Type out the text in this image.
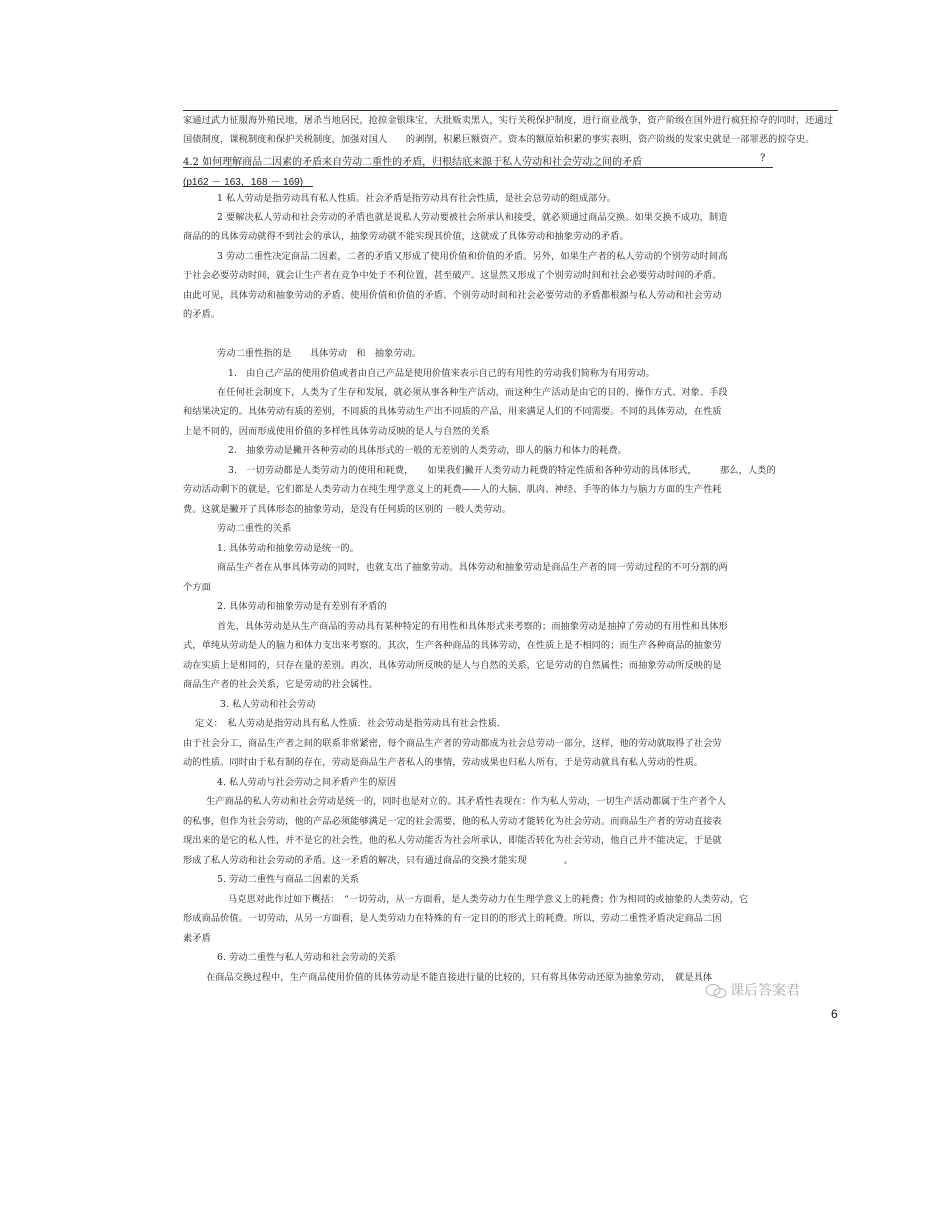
家通过武力征服海外殖民地，屠杀当地居民，抢掠金银珠宝，大批贩卖黑人，实行关税保护制度，进行商业战争，资产阶级在国外进行疯狂掠夺的同时，还通过
国债制度，课税制度和保护关税制度，加强对国人　　的剥削，积累巨额资产。资本的额原始积累的事实表明，资产阶级的发家史就是一部罪恶的掠夺史。
4.2 如何理解商品二因素的矛盾来自劳动二重性的矛盾，归根结底来源于私人劳动和社会劳动之间的矛盾	?
(p162 － 163，168 － 169)
1 私人劳动是指劳动具有私人性质。社会矛盾是指劳动具有社会性质，是社会总劳动的组成部分。
2 要解决私人劳动和社会劳动的矛盾也就是说私人劳动要被社会所承认和接受，就必须通过商品交换。如果交换不成功，制造
商品的的具体劳动就得不到社会的承认，抽象劳动就不能实现其价值，这就成了具体劳动和抽象劳动的矛盾。
3 劳动二重性决定商品二因素，二者的矛盾又形成了使用价值和价值的矛盾。另外，如果生产者的私人劳动的个别劳动时间高
于社会必要劳动时间，就会让生产者在竞争中处于不利位置，甚至破产。这显然又形成了个别劳动时间和社会必要劳动时间的矛盾。
由此可见，具体劳动和抽象劳动的矛盾、使用价值和价值的矛盾、个别劳动时间和社会必要劳动的矛盾都根源与私人劳动和社会劳动
的矛盾。
劳动二重性指的是　　具体劳动　和　抽象劳动。
1.　由自己产品的使用价值或者由自己产品是使用价值来表示自己的有用性的劳动我们简称为有用劳动。
在任何社会制度下，人类为了生存和发展，就必须从事各种生产活动，而这种生产活动是由它的目的、操作方式、对象、手段
和结果决定的。具体劳动有质的差别，不同质的具体劳动生产出不同质的产品，用来满足人们的不同需要。不同的具体劳动，在性质
上是不同的，因而形成使用价值的多样性具体劳动反映的是人与自然的关系
2.　抽象劳动是撇开各种劳动的具体形式的一般的无差别的人类劳动，即人的脑力和体力的耗费。
3.　一切劳动都是人类劳动力的使用和耗费，　　如果我们撇开人类劳动力耗费的特定性质和各种劳动的具体形式，　　　那么，人类的
劳动活动剩下的就是，它们都是人类劳动力在纯生理学意义上的耗费——人的大脑、肌肉、神经、手等的体力与脑力方面的生产性耗
费。这就是撇开了具体形态的抽象劳动，是没有任何质的区别的 一般人类劳动。
劳动二重性的关系
1. 具体劳动和抽象劳动是统一的。
商品生产者在从事具体劳动的同时，也就支出了抽象劳动。具体劳动和抽象劳动是商品生产者的同一劳动过程的不可分割的两
个方面
2. 具体劳动和抽象劳动是有差别有矛盾的
首先，具体劳动是从生产商品的劳动具有某种特定的有用性和具体形式来考察的；而抽象劳动是抽掉了劳动的有用性和具体形
式，单纯从劳动是人的脑力和体力支出来考察的。其次，生产各种商品的具体劳动，在性质上是不相同的；而生产各种商品的抽象劳
动在实质上是相同的，只存在量的差别。再次，具体劳动所反映的是人与自然的关系，它是劳动的自然属性；而抽象劳动所反映的是
商品生产者的社会关系，它是劳动的社会属性。
3. 私人劳动和社会劳动
定义：　私人劳动是指劳动具有私人性质．社会劳动是指劳动具有社会性质．
由于社会分工，商品生产者之间的联系非常紧密，每个商品生产者的劳动都成为社会总劳动一部分，这样，他的劳动就取得了社会劳
动的性质。同时由于私有制的存在，劳动是商品生产者私人的事情，劳动成果也归私人所有，于是劳动就具有私人劳动的性质。
4. 私人劳动与社会劳动之间矛盾产生的原因
生产商品的私人劳动和社会劳动是统一的，同时也是对立的。其矛盾性表现在：作为私人劳动，一切生产活动都属于生产者个人
的私事，但作为社会劳动，他的产品必须能够满足一定的社会需要，他的私人劳动才能转化为社会劳动。而商品生产者的劳动直接表
现出来的是它的私人性，并不是它的社会性，他的私人劳动能否为社会所承认，即能否转化为社会劳动，他自己并不能决定，于是就
形成了私人劳动和社会劳动的矛盾。这一矛盾的解决，只有通过商品的交换才能实现　　　　。
5. 劳动二重性与商品二因素的关系
马克思对此作过如下概括：　“一切劳动，从一方面看，是人类劳动力在生理学意义上的耗费；作为相同的或抽象的人类劳动，它
形成商品价值。一切劳动，从另一方面看，是人类劳动力在特殊的有一定目的的形式上的耗费。所以，劳动二重性矛盾决定商品二因
素矛盾
6. 劳动二重性与私人劳动和社会劳动的关系
在商品交换过程中，生产商品使用价值的具体劳动是不能直接进行量的比较的，只有将具体劳动还原为抽象劳动，　就是具体
课后答案君
6
